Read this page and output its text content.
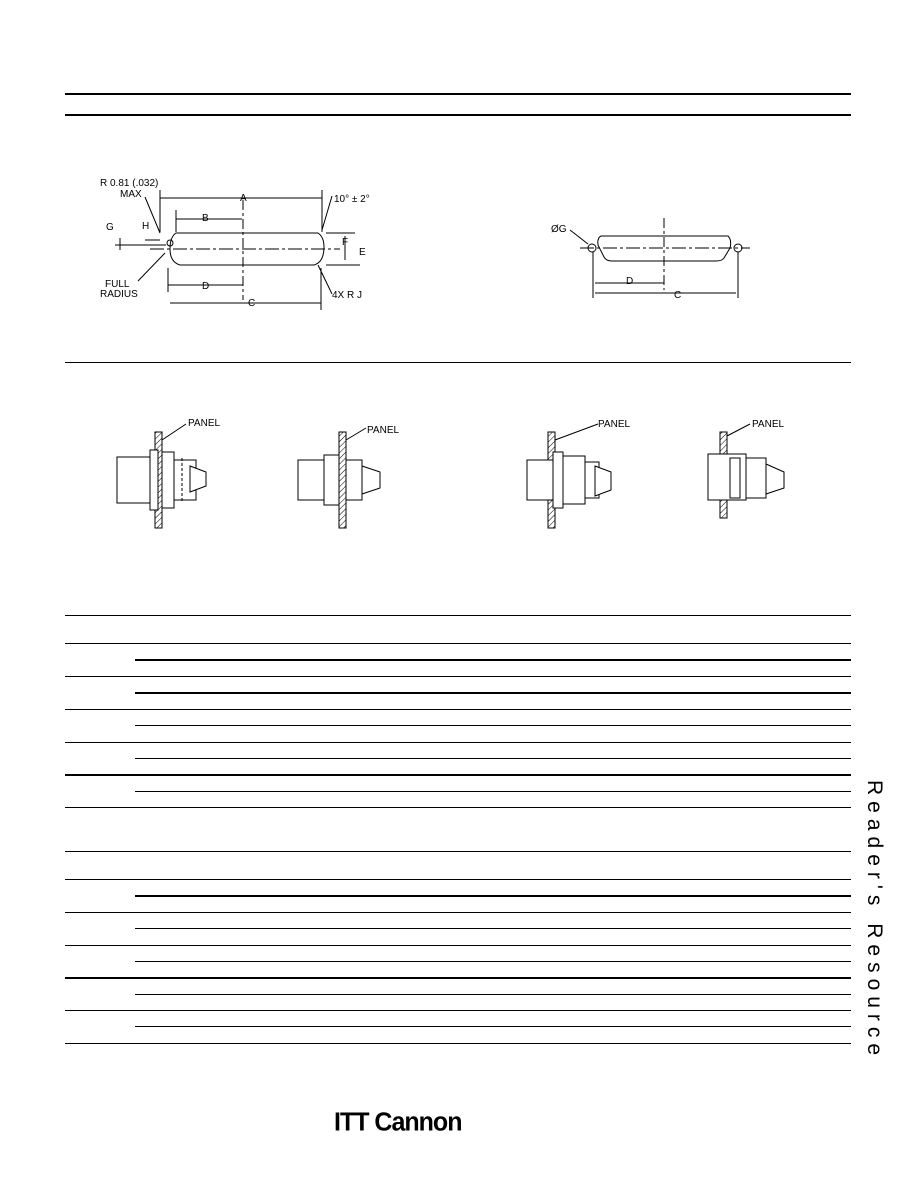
R 0.81 (.032)
MAX	A
B
G	H
10° ± 2°
F
E
FULL
RADIUS
D
C
4X R J
ØG
D
C
PANEL
PANEL
PANEL	PANEL
Reader's Resource
ITT Cannon
